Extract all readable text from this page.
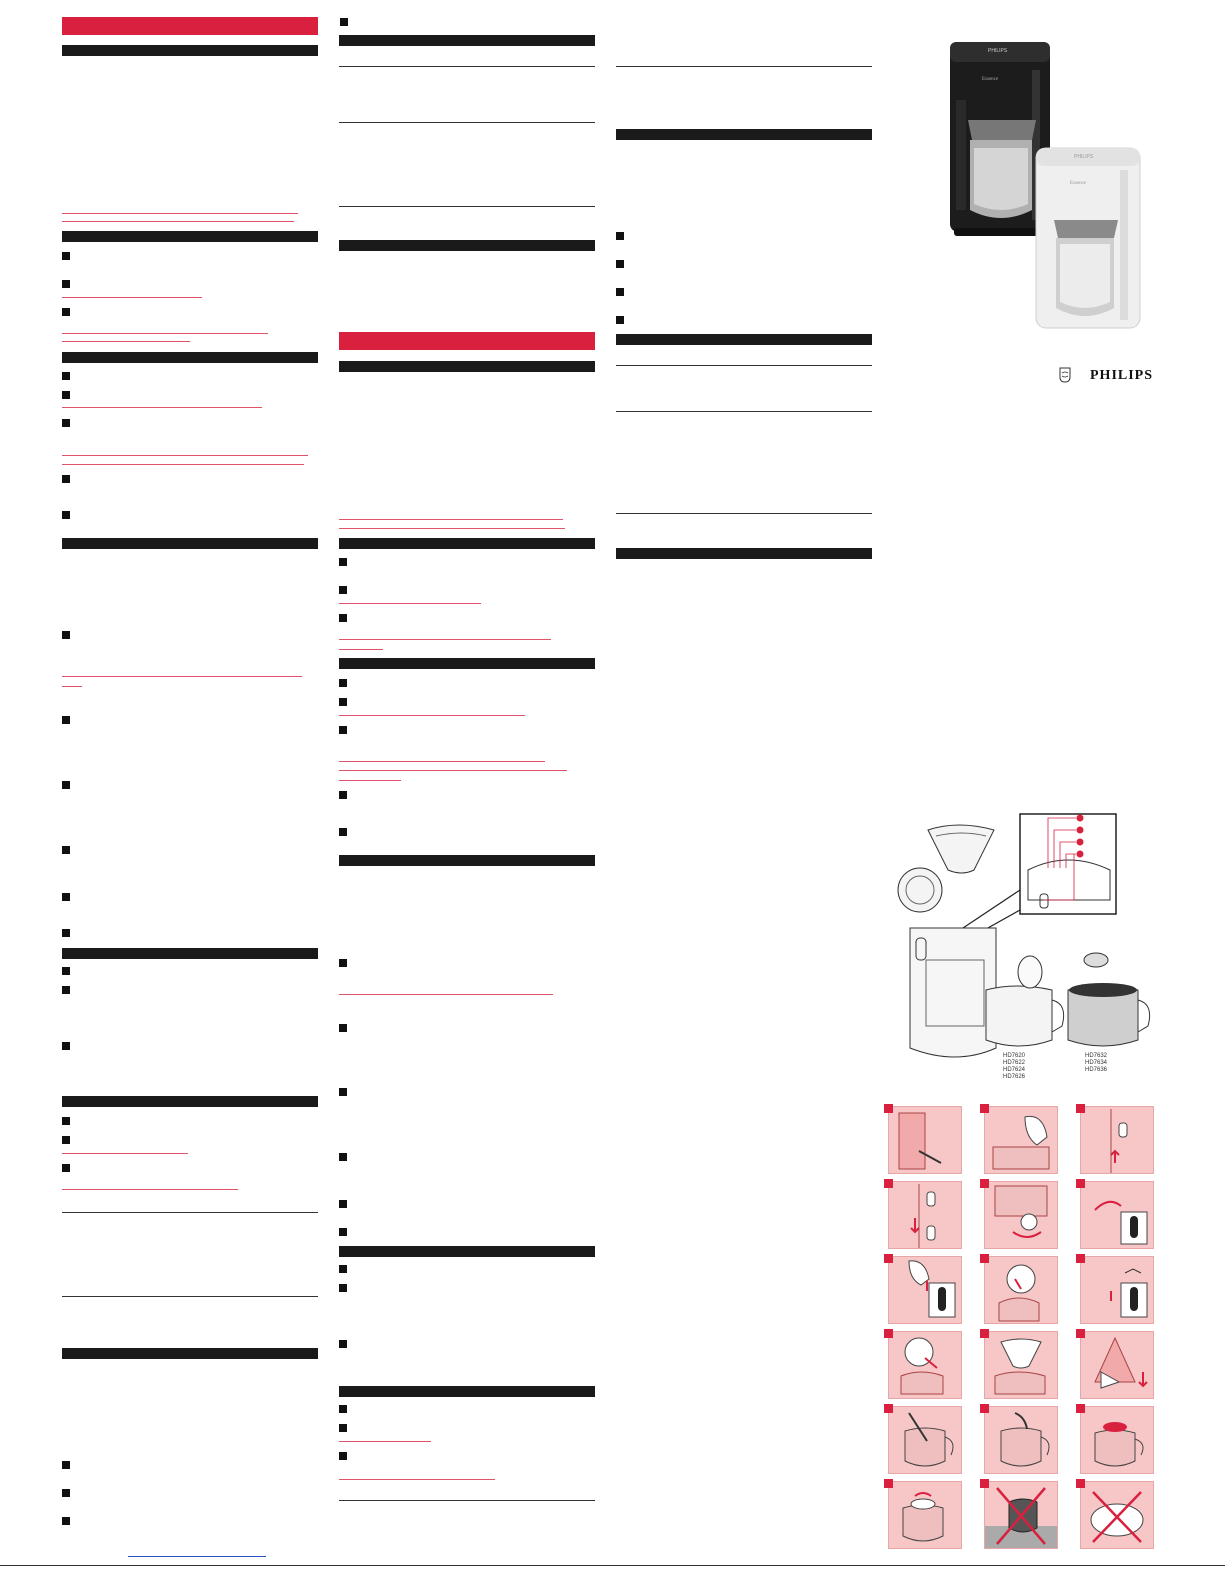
PHILIPS
Essence
PHILIPS
Essence
PHILIPS
HD7620
HD7622
HD7624
HD7626
HD7632
HD7634
HD7636
